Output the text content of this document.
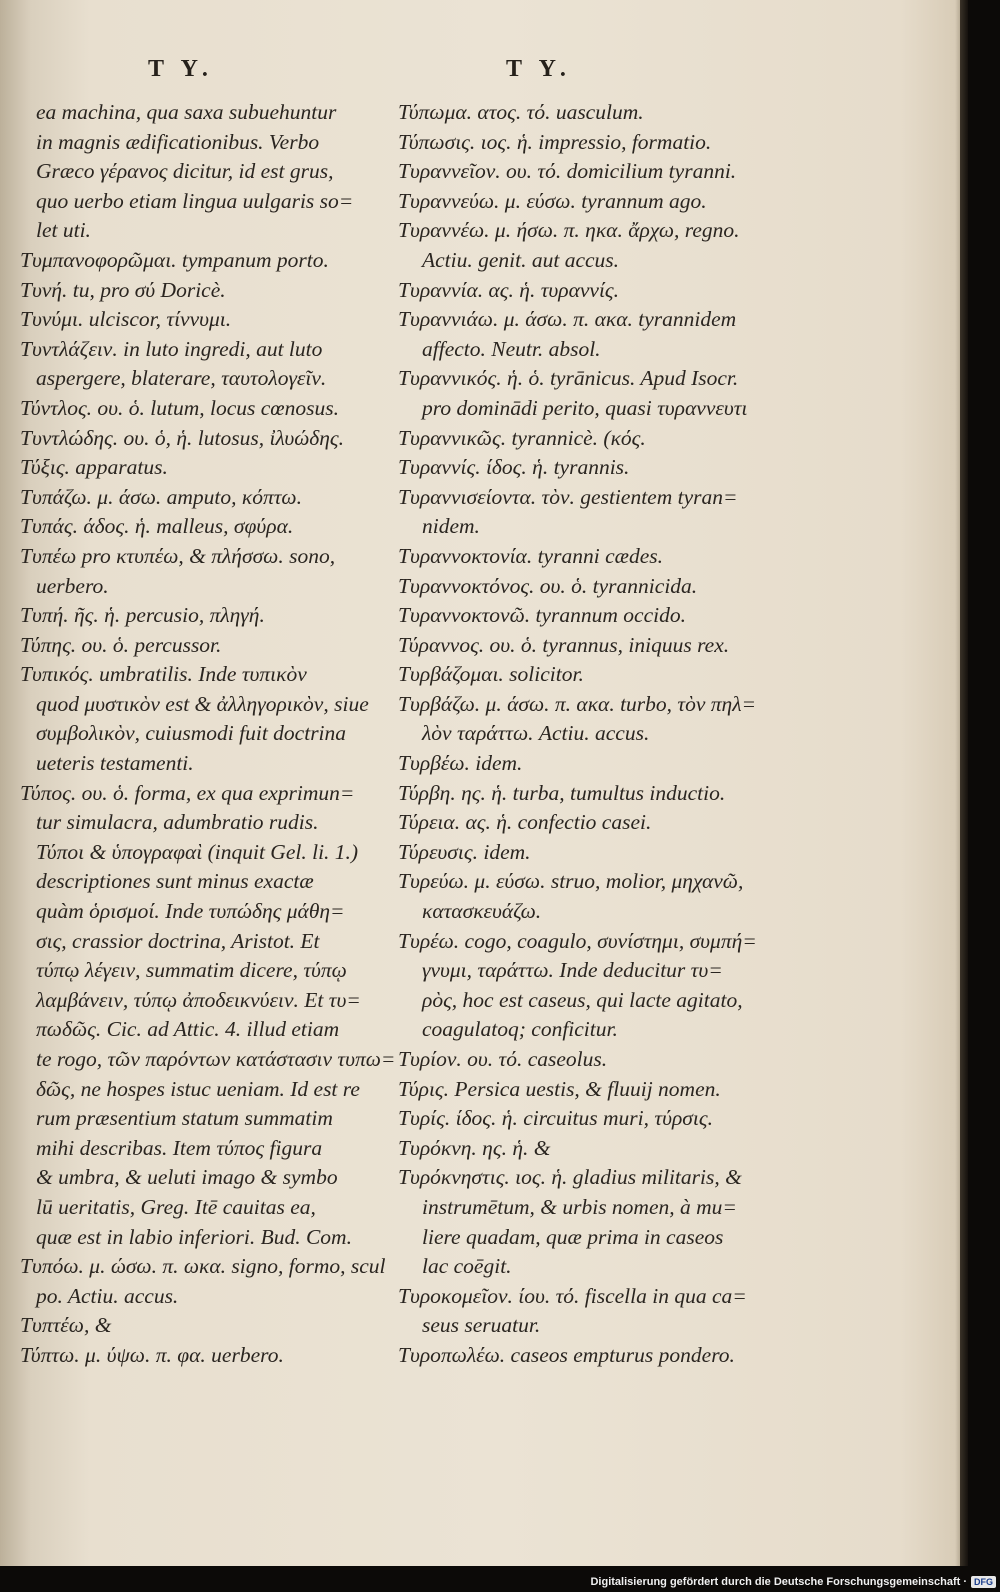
T Y.	T Y.
ea machina, qua saxa subuehuntur
in magnis ædificationibus. Verbo
Græco γέρανος dicitur, id est grus,
quo uerbo etiam lingua uulgaris so=
let uti.
Τυμπανοφορῶμαι. tympanum porto.
Τυνή. tu, pro σύ Doricè.
Τυνύμι. ulciscor, τίννυμι.
Τυντλάζειν. in luto ingredi, aut luto
aspergere, blaterare, ταυτολογεῖν.
Τύντλος. ου. ὁ. lutum, locus cœnosus.
Τυντλώδης. ου. ὁ, ἡ. lutosus, ἰλυώδης.
Τύξις. apparatus.
Τυπάζω. μ. άσω. amputo, κόπτω.
Τυπάς. άδος. ἡ. malleus, σφύρα.
Τυπέω pro κτυπέω, & πλήσσω. sono,
uerbero.
Τυπή. ῆς. ἡ. percusio, πληγή.
Τύπης. ου. ὁ. percussor.
Τυπικός. umbratilis. Inde τυπικὸν
quod μυστικὸν est & ἀλληγορικὸν, siue
συμβολικὸν, cuiusmodi fuit doctrina
ueteris testamenti.
Τύπος. ου. ὁ. forma, ex qua exprimun=
tur simulacra, adumbratio rudis.
Τύποι & ὑπογραφαὶ (inquit Gel. li. 1.)
descriptiones sunt minus exactæ
quàm ὁρισμοί. Inde τυπώδης μάθη=
σις, crassior doctrina, Aristot. Et
τύπῳ λέγειν, summatim dicere, τύπῳ
λαμβάνειν, τύπῳ ἀποδεικνύειν. Et τυ=
πωδῶς. Cic. ad Attic. 4. illud etiam
te rogo, τῶν παρόντων κατάστασιν τυπω=
δῶς, ne hospes istuc ueniam. Id est re
rum præsentium statum summatim
mihi describas. Item τύπος figura
& umbra, & ueluti imago & symbo
lū ueritatis, Greg. Itē cauitas ea,
quæ est in labio inferiori. Bud. Com.
Τυπόω. μ. ώσω. π. ωκα. signo, formo, scul
po. Actiu. accus.
Τυπτέω, &
Τύπτω. μ. ύψω. π. φα. uerbero.
Τύπωμα. ατος. τό. uasculum.
Τύπωσις. ιος. ἡ. impressio, formatio.
Τυραννεῖον. ου. τό. domicilium tyranni.
Τυραννεύω. μ. εύσω. tyrannum ago.
Τυραννέω. μ. ήσω. π. ηκα. ἄρχω, regno.
Actiu. genit. aut accus.
Τυραννία. ας. ἡ. τυραννίς.
Τυραννιάω. μ. άσω. π. ακα. tyrannidem
affecto. Neutr. absol.
Τυραννικός. ἡ. ὁ. tyrānicus. Apud Isocr.
pro dominādi perito, quasi τυραννευτι
Τυραννικῶς. tyrannicè. (κός.
Τυραννίς. ίδος. ἡ. tyrannis.
Τυραννισείοντα. τὸν. gestientem tyran=
nidem.
Τυραννοκτονία. tyranni cædes.
Τυραννοκτόνος. ου. ὁ. tyrannicida.
Τυραννοκτονῶ. tyrannum occido.
Τύραννος. ου. ὁ. tyrannus, iniquus rex.
Τυρβάζομαι. solicitor.
Τυρβάζω. μ. άσω. π. ακα. turbo, τὸν πηλ=
λὸν ταράττω. Actiu. accus.
Τυρβέω. idem.
Τύρβη. ης. ἡ. turba, tumultus inductio.
Τύρεια. ας. ἡ. confectio casei.
Τύρευσις. idem.
Τυρεύω. μ. εύσω. struo, molior, μηχανῶ,
κατασκευάζω.
Τυρέω. cogo, coagulo, συνίστημι, συμπή=
γνυμι, ταράττω. Inde deducitur τυ=
ρὸς, hoc est caseus, qui lacte agitato,
coagulatoq; conficitur.
Τυρίον. ου. τό. caseolus.
Τύρις. Persica uestis, & fluuij nomen.
Τυρίς. ίδος. ἡ. circuitus muri, τύρσις.
Τυρόκνη. ης. ἡ. &
Τυρόκνηστις. ιος. ἡ. gladius militaris, &
instrumētum, & urbis nomen, à mu=
liere quadam, quæ prima in caseos
lac coēgit.
Τυροκομεῖον. ίου. τό. fiscella in qua ca=
seus seruatur.
Τυροπωλέω. caseos empturus pondero.
Digitalisierung gefördert durch die Deutsche Forschungsgemeinschaft · DFG
